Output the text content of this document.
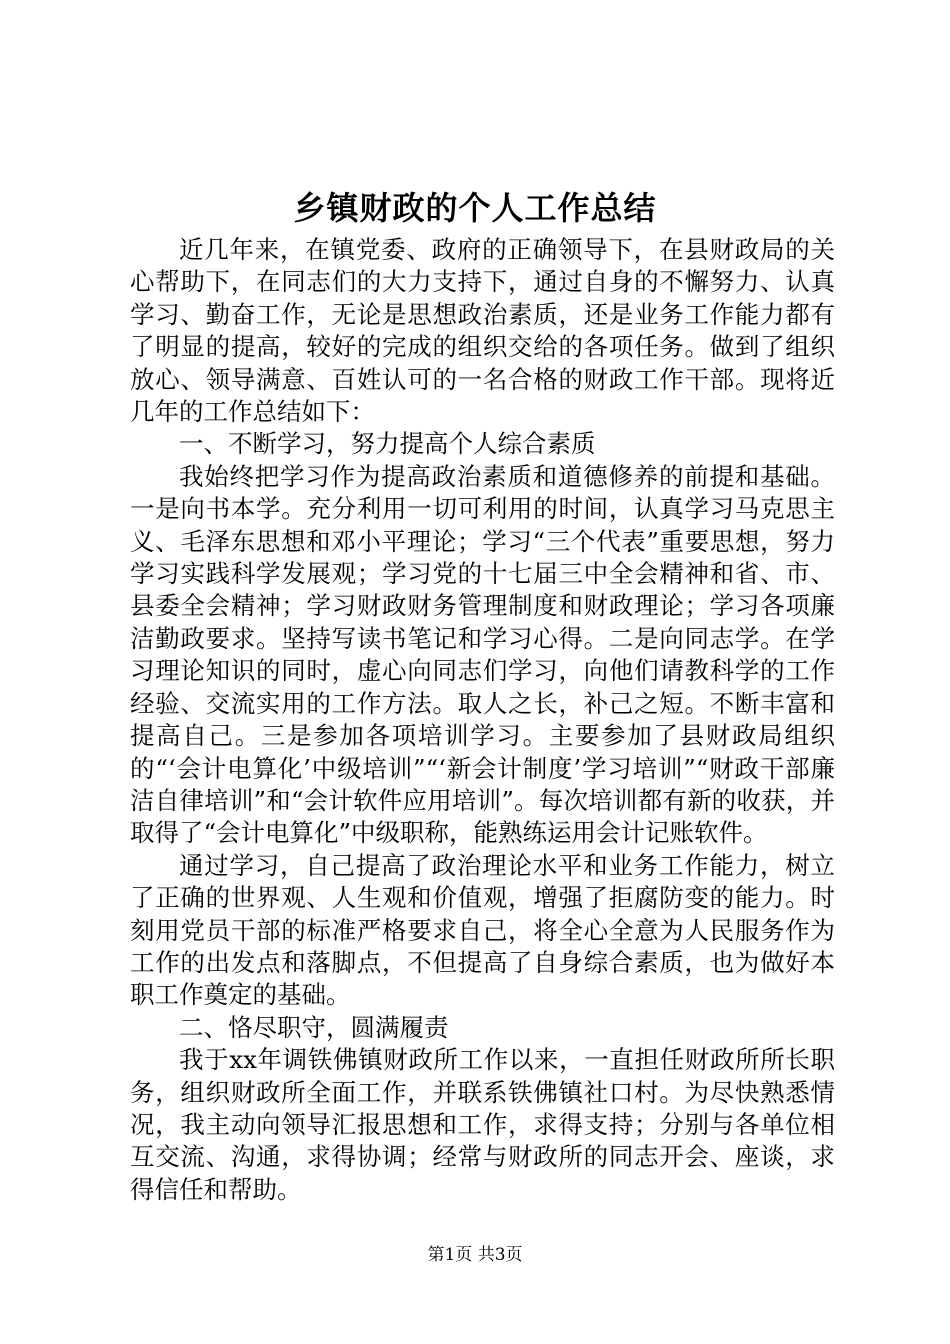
乡镇财政的个人工作总结

近几年来，在镇党委、政府的正确领导下，在县财政局的关心帮助下，在同志们的大力支持下，通过自身的不懈努力、认真学习、勤奋工作，无论是思想政治素质，还是业务工作能力都有了明显的提高，较好的完成的组织交给的各项任务。做到了组织放心、领导满意、百姓认可的一名合格的财政工作干部。现将近几年的工作总结如下：

一、不断学习，努力提高个人综合素质

我始终把学习作为提高政治素质和道德修养的前提和基础。一是向书本学。充分利用一切可利用的时间，认真学习马克思主义、毛泽东思想和邓小平理论；学习“三个代表”重要思想，努力学习实践科学发展观；学习党的十七届三中全会精神和省、市、县委全会精神；学习财政财务管理制度和财政理论；学习各项廉洁勤政要求。坚持写读书笔记和学习心得。二是向同志学。在学习理论知识的同时，虚心向同志们学习，向他们请教科学的工作经验、交流实用的工作方法。取人之长，补己之短。不断丰富和提高自己。三是参加各项培训学习。主要参加了县财政局组织的“‘会计电算化’中级培训”“‘新会计制度’学习培训”“财政干部廉洁自律培训”和“会计软件应用培训”。每次培训都有新的收获，并取得了“会计电算化”中级职称，能熟练运用会计记账软件。

通过学习，自己提高了政治理论水平和业务工作能力，树立了正确的世界观、人生观和价值观，增强了拒腐防变的能力。时刻用党员干部的标准严格要求自己，将全心全意为人民服务作为工作的出发点和落脚点，不但提高了自身综合素质，也为做好本职工作奠定的基础。

二、恪尽职守，圆满履责

我于xx年调铁佛镇财政所工作以来，一直担任财政所所长职务，组织财政所全面工作，并联系铁佛镇社口村。为尽快熟悉情况，我主动向领导汇报思想和工作，求得支持；分别与各单位相互交流、沟通，求得协调；经常与财政所的同志开会、座谈，求得信任和帮助。

第1页 共3页
